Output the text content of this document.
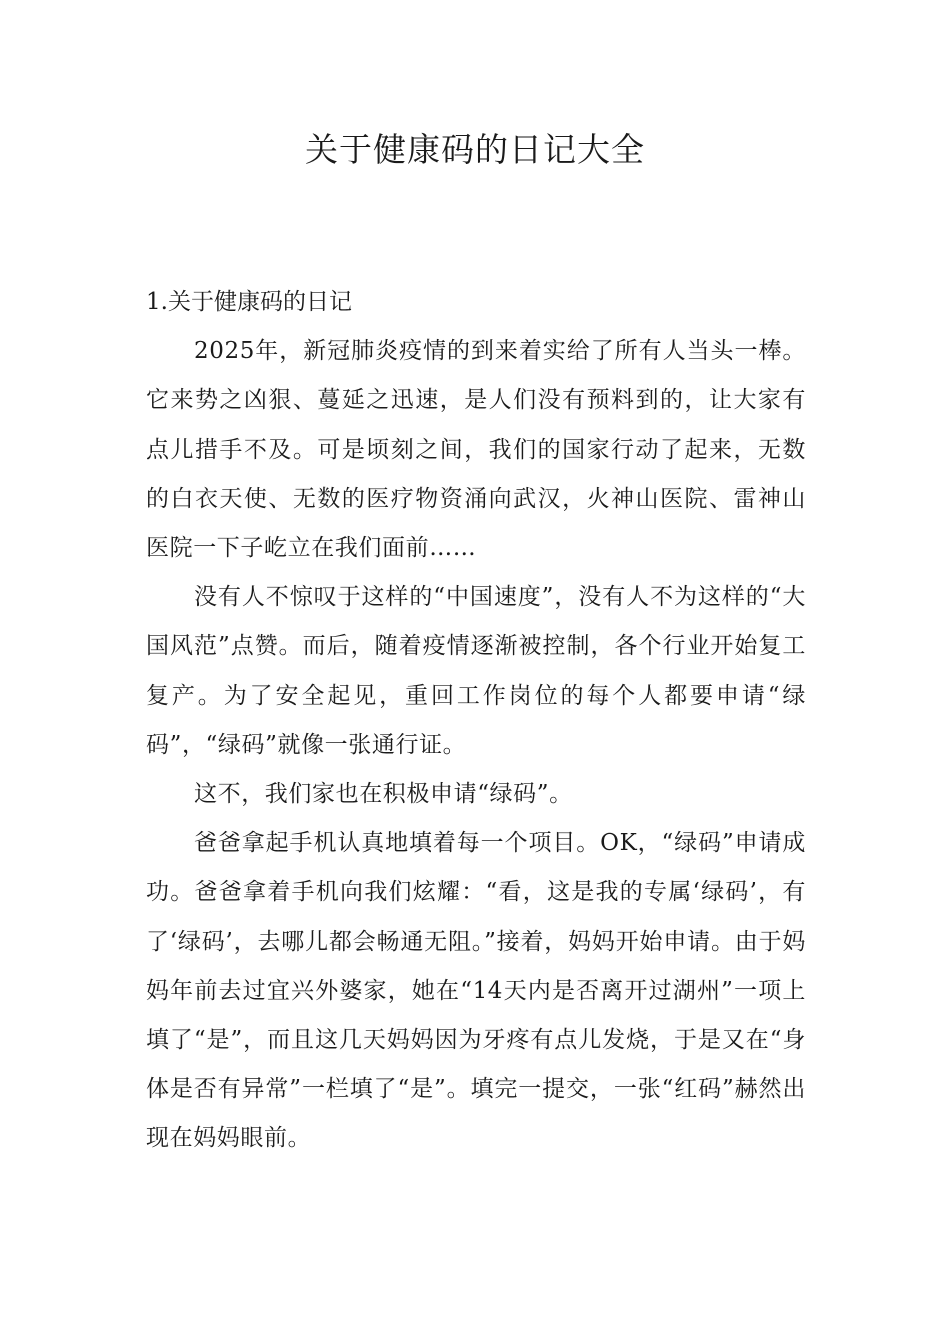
关于健康码的日记大全
1.关于健康码的日记

2025年，新冠肺炎疫情的到来着实给了所有人当头一棒。它来势之凶狠、蔓延之迅速，是人们没有预料到的，让大家有点儿措手不及。可是顷刻之间，我们的国家行动了起来，无数的白衣天使、无数的医疗物资涌向武汉，火神山医院、雷神山医院一下子屹立在我们面前……

没有人不惊叹于这样的“中国速度”，没有人不为这样的“大国风范”点赞。而后，随着疫情逐渐被控制，各个行业开始复工复产。为了安全起见，重回工作岗位的每个人都要申请“绿码”，“绿码”就像一张通行证。

这不，我们家也在积极申请“绿码”。

爸爸拿起手机认真地填着每一个项目。OK，“绿码”申请成功。爸爸拿着手机向我们炫耀：“看，这是我的专属‘绿码’，有了‘绿码’，去哪儿都会畅通无阻。”接着，妈妈开始申请。由于妈妈年前去过宜兴外婆家，她在“14天内是否离开过湖州”一项上填了“是”，而且这几天妈妈因为牙疼有点儿发烧，于是又在“身体是否有异常”一栏填了“是”。填完一提交，一张“红码”赫然出现在妈妈眼前。
